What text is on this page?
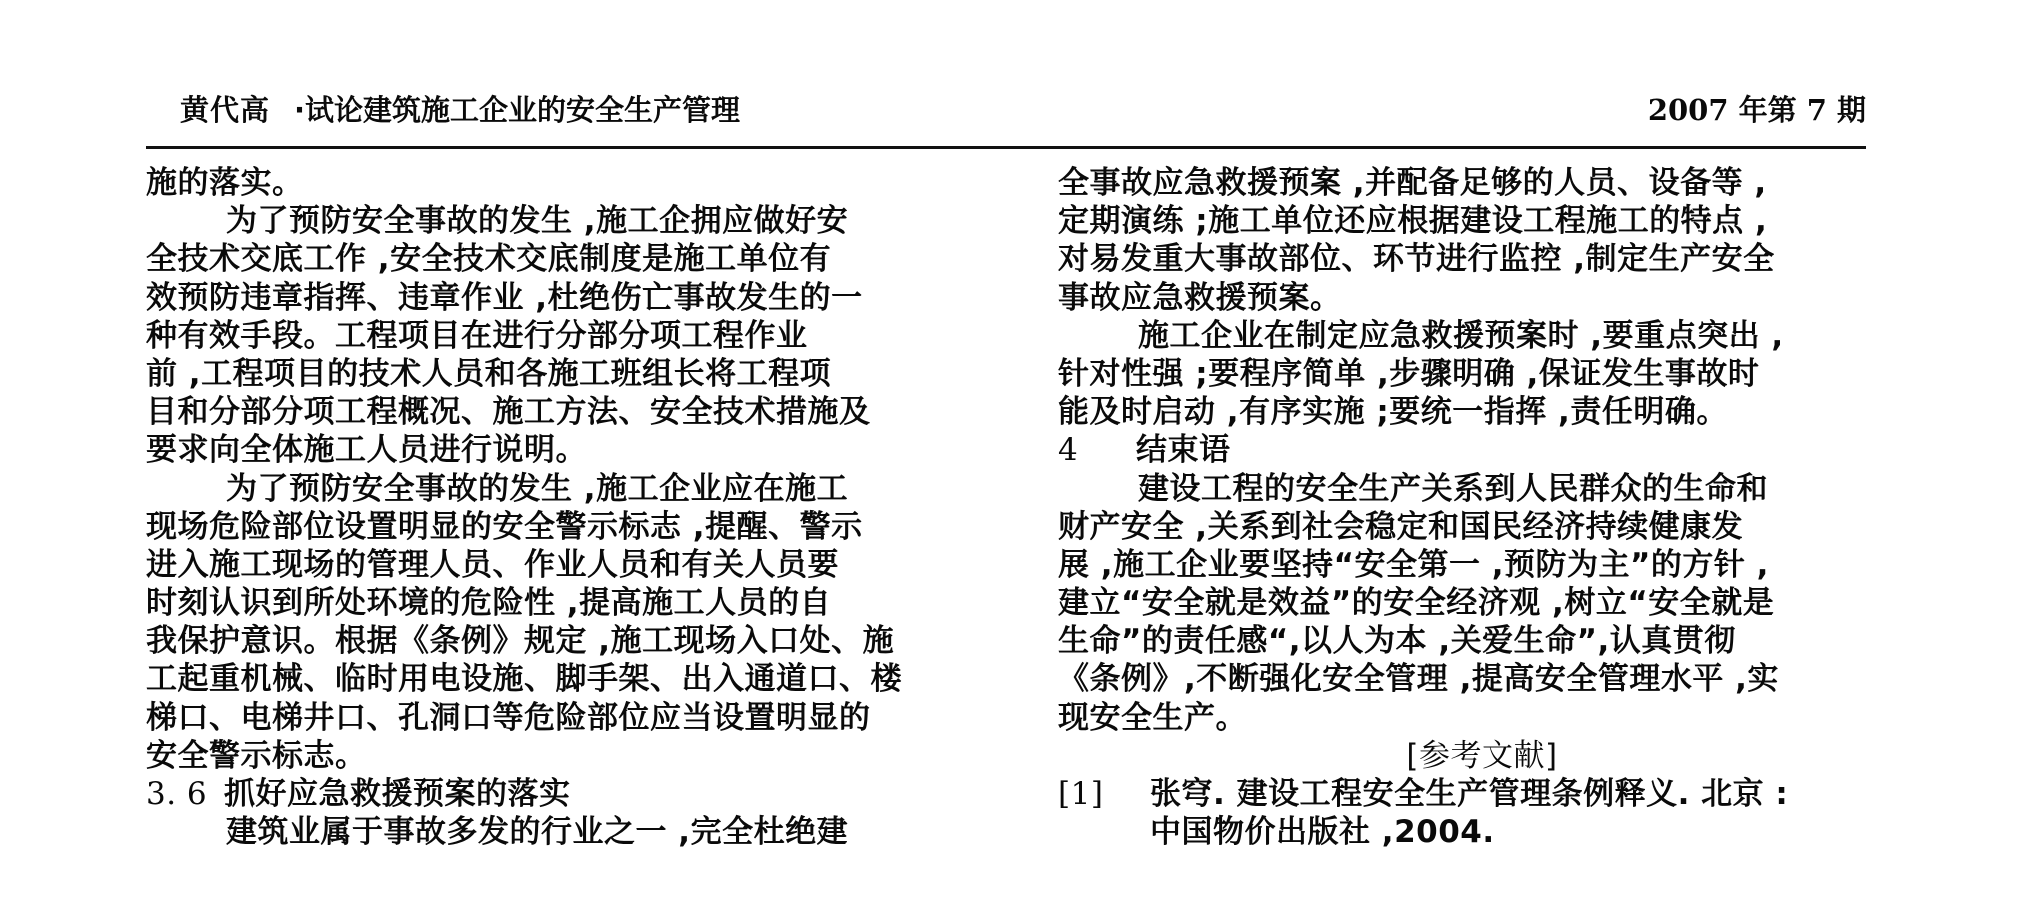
黄代高 ·试论建筑施工企业的安全生产管理	2007 年第 7 期
施的落实。
为了预防安全事故的发生 ,施工企拥应做好安
全技术交底工作 ,安全技术交底制度是施工单位有
效预防违章指挥、违章作业 ,杜绝伤亡事故发生的一
种有效手段。工程项目在进行分部分项工程作业
前 ,工程项目的技术人员和各施工班组长将工程项
目和分部分项工程概况、施工方法、安全技术措施及
要求向全体施工人员进行说明。
为了预防安全事故的发生 ,施工企业应在施工
现场危险部位设置明显的安全警示标志 ,提醒、警示
进入施工现场的管理人员、作业人员和有关人员要
时刻认识到所处环境的危险性 ,提高施工人员的自
我保护意识。根据《条例》规定 ,施工现场入口处、施
工起重机械、临时用电设施、脚手架、出入通道口、楼
梯口、电梯井口、孔洞口等危险部位应当设置明显的
安全警示标志。
3. 6 抓好应急救援预案的落实
建筑业属于事故多发的行业之一 ,完全杜绝建
全事故应急救援预案 ,并配备足够的人员、设备等 ,
定期演练 ;施工单位还应根据建设工程施工的特点 ,
对易发重大事故部位、环节进行监控 ,制定生产安全
事故应急救援预案。
施工企业在制定应急救援预案时 ,要重点突出 ,
针对性强 ;要程序简单 ,步骤明确 ,保证发生事故时
能及时启动 ,有序实施 ;要统一指挥 ,责任明确。
4 结束语
建设工程的安全生产关系到人民群众的生命和
财产安全 ,关系到社会稳定和国民经济持续健康发
展 ,施工企业要坚持“安全第一 ,预防为主”的方针 ,
建立“安全就是效益”的安全经济观 ,树立“安全就是
生命”的责任感“,以人为本 ,关爱生命”,认真贯彻
《条例》,不断强化安全管理 ,提高安全管理水平 ,实
现安全生产。
[参考文献]
[1] 张穹. 建设工程安全生产管理条例释义. 北京 :
中国物价出版社 ,2004.
